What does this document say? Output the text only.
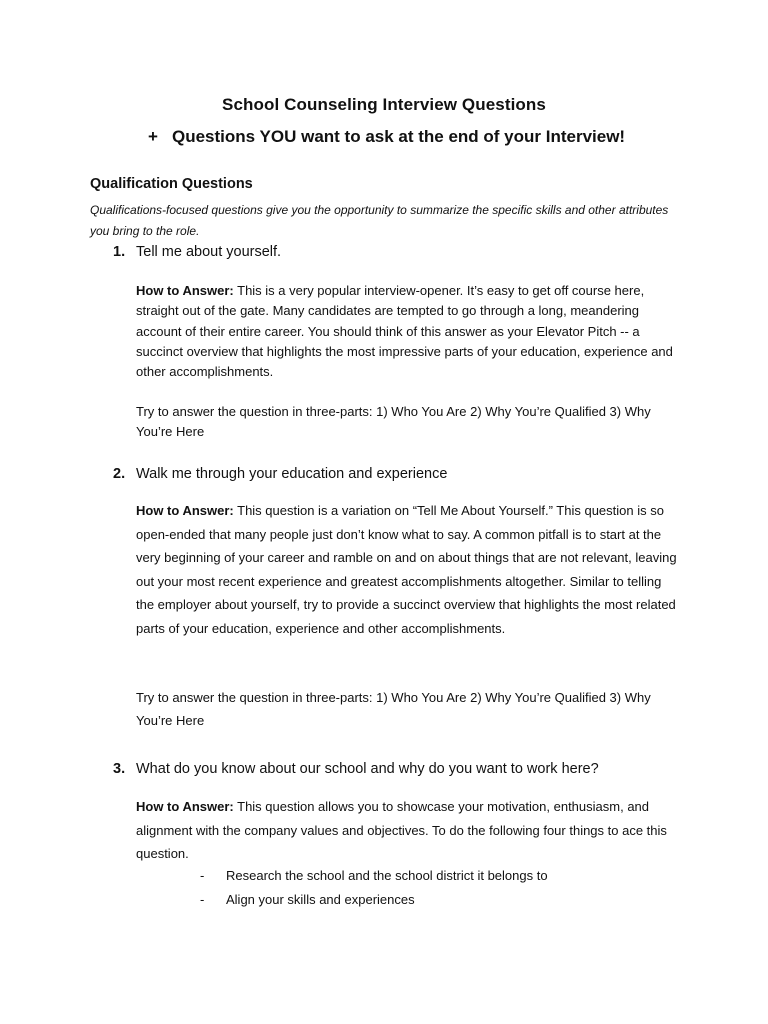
School Counseling Interview Questions
+ Questions YOU want to ask at the end of your Interview!
Qualification Questions
Qualifications-focused questions give you the opportunity to summarize the specific skills and other attributes you bring to the role.
1. Tell me about yourself.
How to Answer: This is a very popular interview-opener. It’s easy to get off course here, straight out of the gate. Many candidates are tempted to go through a long, meandering account of their entire career. You should think of this answer as your Elevator Pitch -- a succinct overview that highlights the most impressive parts of your education, experience and other accomplishments.
Try to answer the question in three-parts: 1) Who You Are 2) Why You’re Qualified 3) Why You’re Here
2. Walk me through your education and experience
How to Answer: This question is a variation on “Tell Me About Yourself.” This question is so open-ended that many people just don’t know what to say. A common pitfall is to start at the very beginning of your career and ramble on and on about things that are not relevant, leaving out your most recent experience and greatest accomplishments altogether. Similar to telling the employer about yourself, try to provide a succinct overview that highlights the most related parts of your education, experience and other accomplishments.
Try to answer the question in three-parts: 1) Who You Are 2) Why You’re Qualified 3) Why You’re Here
3. What do you know about our school and why do you want to work here?
How to Answer: This question allows you to showcase your motivation, enthusiasm, and alignment with the company values and objectives. To do the following four things to ace this question.
- Research the school and the school district it belongs to
- Align your skills and experiences
